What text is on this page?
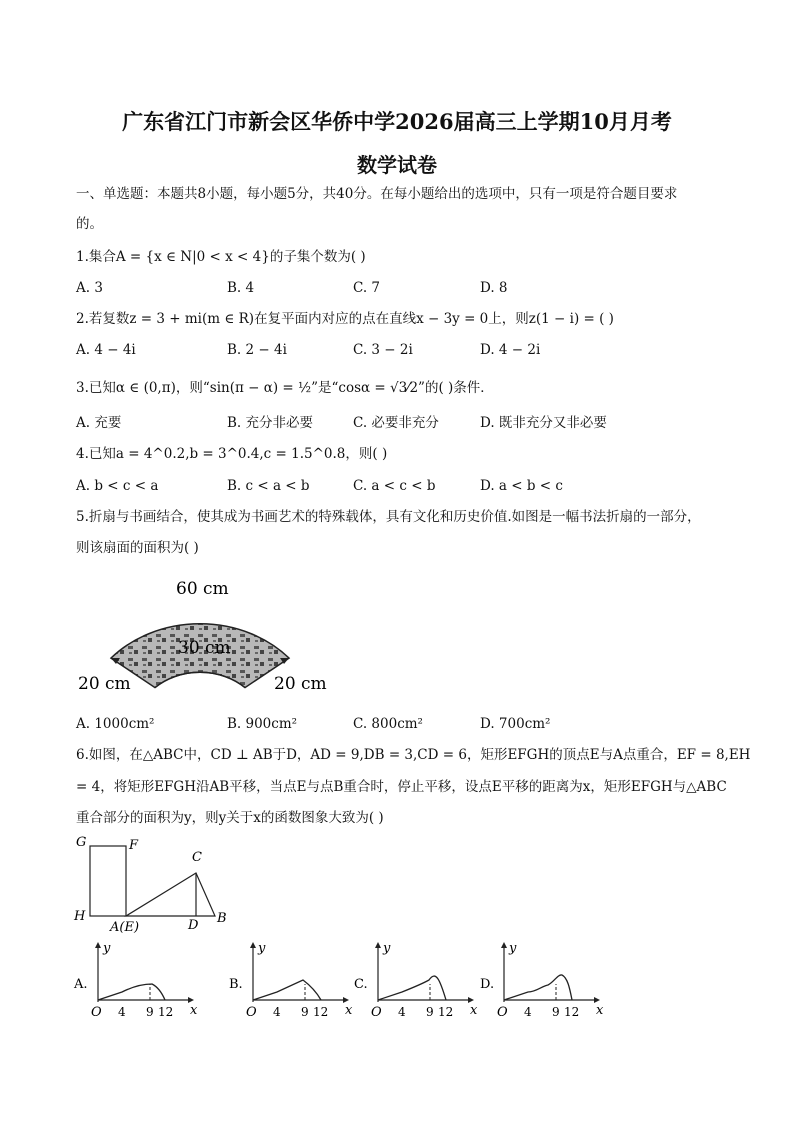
广东省江门市新会区华侨中学2026届高三上学期10月月考
数学试卷
一、单选题：本题共8小题，每小题5分，共40分。在每小题给出的选项中，只有一项是符合题目要求
的。
1.集合A = {x ∈ N|0 < x < 4}的子集个数为( )
A. 3	B. 4	C. 7	D. 8
2.若复数z = 3 + mi(m ∈ R)在复平面内对应的点在直线x − 3y = 0上，则z(1 − i) = ( )
A. 4 − 4i	B. 2 − 4i	C. 3 − 2i	D. 4 − 2i
3.已知α ∈ (0,π)，则“sin(π − α) = ½”是“cosα = √3⁄2”的( )条件．
A. 充要	B. 充分非必要	C. 必要非充分	D. 既非充分又非必要
4.已知a = 4^0.2,b = 3^0.4,c = 1.5^0.8，则( )
A. b < c < a	B. c < a < b	C. a < c < b	D. a < b < c
5.折扇与书画结合，使其成为书画艺术的特殊载体，具有文化和历史价值.如图是一幅书法折扇的一部分，
则该扇面的面积为( )
60 cm
30 cm
20 cm	20 cm
A. 1000cm²	B. 900cm²	C. 800cm²	D. 700cm²
6.如图，在△ABC中，CD ⊥ AB于D，AD = 9,DB = 3,CD = 6，矩形EFGH的顶点E与A点重合，EF = 8,EH
= 4，将矩形EFGH沿AB平移，当点E与点B重合时，停止平移，设点E平移的距离为x，矩形EFGH与△ABC
重合部分的面积为y，则y关于x的函数图象大致为( )
G	F
C
H
A(E)	D B
A.
y
x
O 4 9 12
B.
y
x
O 4 9 12
C.
y
x
O 4 9 12
D.
y
x
O 4 9 12
